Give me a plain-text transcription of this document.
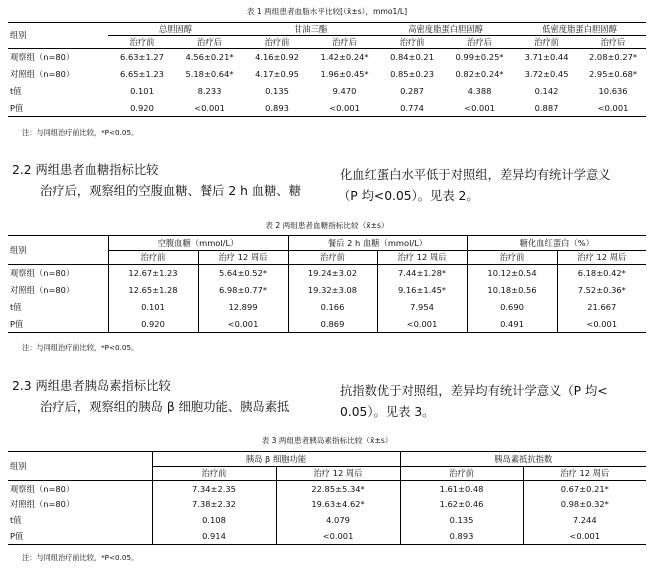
表 1 两组患者血脂水平比较[（x̄±s），mmo1/L]
组别	总胆固醇		甘油三酯		高密度脂蛋白胆固醇		低密度脂蛋白胆固醇	
	治疗前	治疗后	治疗前	治疗后	治疗前	治疗后	治疗前	治疗后
观察组（n=80）	6.63±1.27	4.56±0.21*	4.16±0.92	1.42±0.24*	0.84±0.21	0.99±0.25*	3.71±0.44	2.08±0.27*
对照组（n=80）	6.65±1.23	5.18±0.64*	4.17±0.95	1.96±0.45*	0.85±0.23	0.82±0.24*	3.72±0.45	2.95±0.68*
t值	0.101	8.233	0.135	9.470	0.287	4.388	0.142	10.636
P值	0.920	<0.001	0.893	<0.001	0.774	<0.001	0.887	<0.001
注：与同组治疗前比较，*P<0.05。
2.2 两组患者血糖指标比较
治疗后，观察组的空腹血糖、餐后 2 h 血糖、糖
化血红蛋白水平低于对照组，差异均有统计学意义
（P 均<0.05）。见表 2。
表 2 两组患者血糖指标比较（x̄±s）
组别	空腹血糖（mmol/L）		餐后 2 h 血糖（mmol/L）		糖化血红蛋白（%）	
	治疗前	治疗 12 周后	治疗前	治疗 12 周后	治疗前	治疗 12 周后
观察组（n=80）	12.67±1.23	5.64±0.52*	19.24±3.02	7.44±1.28*	10.12±0.54	6.18±0.42*
对照组（n=80）	12.65±1.28	6.98±0.77*	19.32±3.08	9.16±1.45*	10.18±0.56	7.52±0.36*
t值	0.101	12.899	0.166	7.954	0.690	21.667
P值	0.920	<0.001	0.869	<0.001	0.491	<0.001
注：与同组治疗前比较，*P<0.05。
2.3 两组患者胰岛素指标比较
治疗后，观察组的胰岛 β 细胞功能、胰岛素抵
抗指数优于对照组，差异均有统计学意义（P 均<
0.05）。见表 3。
表 3 两组患者胰岛素指标比较（x̄±s）
组别	胰岛 β 细胞功能		胰岛素抵抗指数	
	治疗前	治疗 12 周后	治疗前	治疗 12 周后
观察组（n=80）	7.34±2.35	22.85±5.34*	1.61±0.48	0.67±0.21*
对照组（n=80）	7.38±2.32	19.63±4.62*	1.62±0.46	0.98±0.32*
t值	0.108	4.079	0.135	7.244
P值	0.914	<0.001	0.893	<0.001
注：与同组治疗前比较，*P<0.05。
